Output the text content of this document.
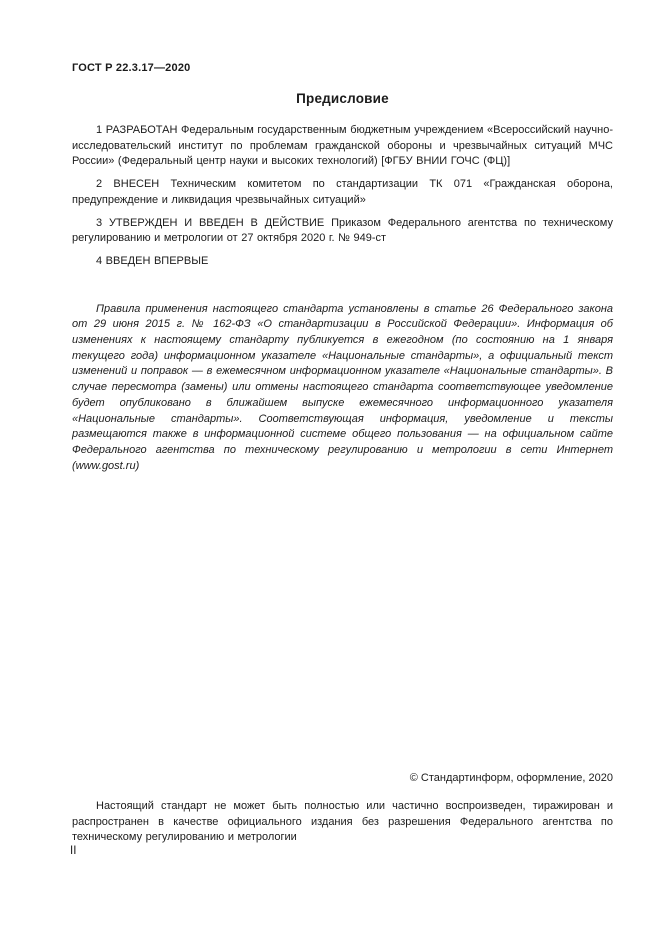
ГОСТ Р 22.3.17—2020
Предисловие

1 РАЗРАБОТАН Федеральным государственным бюджетным учреждением «Всероссийский научно-исследовательский институт по проблемам гражданской обороны и чрезвычайных ситуаций МЧС России» (Федеральный центр науки и высоких технологий) [ФГБУ ВНИИ ГОЧС (ФЦ)]

2 ВНЕСЕН Техническим комитетом по стандартизации ТК 071 «Гражданская оборона, предупреждение и ликвидация чрезвычайных ситуаций»

3 УТВЕРЖДЕН И ВВЕДЕН В ДЕЙСТВИЕ Приказом Федерального агентства по техническому регулированию и метрологии от 27 октября 2020 г. № 949-ст

4 ВВЕДЕН ВПЕРВЫЕ

Правила применения настоящего стандарта установлены в статье 26 Федерального закона от 29 июня 2015 г. № 162-ФЗ «О стандартизации в Российской Федерации». Информация об изменениях к настоящему стандарту публикуется в ежегодном (по состоянию на 1 января текущего года) информационном указателе «Национальные стандарты», а официальный текст изменений и поправок — в ежемесячном информационном указателе «Национальные стандарты». В случае пересмотра (замены) или отмены настоящего стандарта соответствующее уведомление будет опубликовано в ближайшем выпуске ежемесячного информационного указателя «Национальные стандарты». Соответствующая информация, уведомление и тексты размещаются также в информационной системе общего пользования — на официальном сайте Федерального агентства по техническому регулированию и метрологии в сети Интернет (www.gost.ru)

© Стандартинформ, оформление, 2020

Настоящий стандарт не может быть полностью или частично воспроизведен, тиражирован и распространен в качестве официального издания без разрешения Федерального агентства по техническому регулированию и метрологии

II
